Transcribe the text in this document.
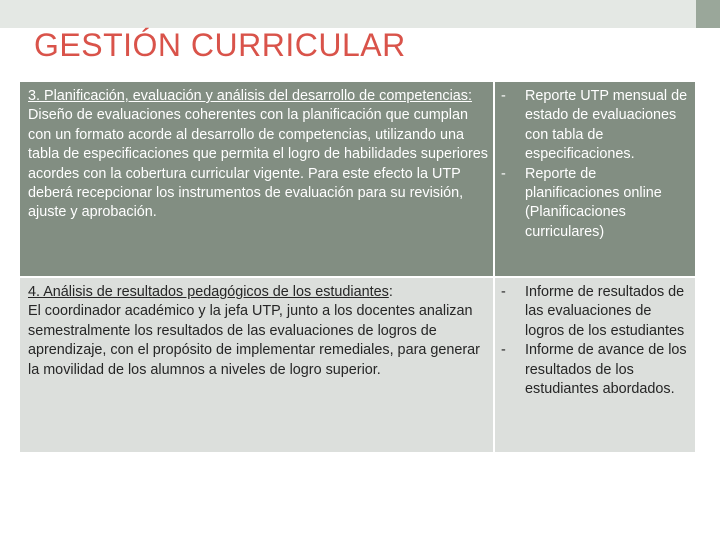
GESTIÓN CURRICULAR
3. Planificación, evaluación y análisis del desarrollo de competencias:
Diseño de evaluaciones coherentes con la planificación que cumplan con un formato acorde al desarrollo de competencias, utilizando una tabla de especificaciones que permita el logro de habilidades superiores acordes con la cobertura curricular vigente. Para este efecto la UTP deberá recepcionar los instrumentos de evaluación para su revisión, ajuste y aprobación.
-	Reporte UTP mensual de estado de evaluaciones con tabla de especificaciones.
-	Reporte de planificaciones online (Planificaciones curriculares)
4. Análisis de resultados pedagógicos de los estudiantes:
El coordinador académico y la jefa UTP, junto a los docentes analizan semestralmente los resultados de las evaluaciones de logros de aprendizaje, con el propósito de implementar remediales, para generar la movilidad de los alumnos a niveles de logro superior.
-	Informe de resultados de las evaluaciones de logros de los estudiantes
-	Informe de avance de los resultados de los estudiantes abordados.
